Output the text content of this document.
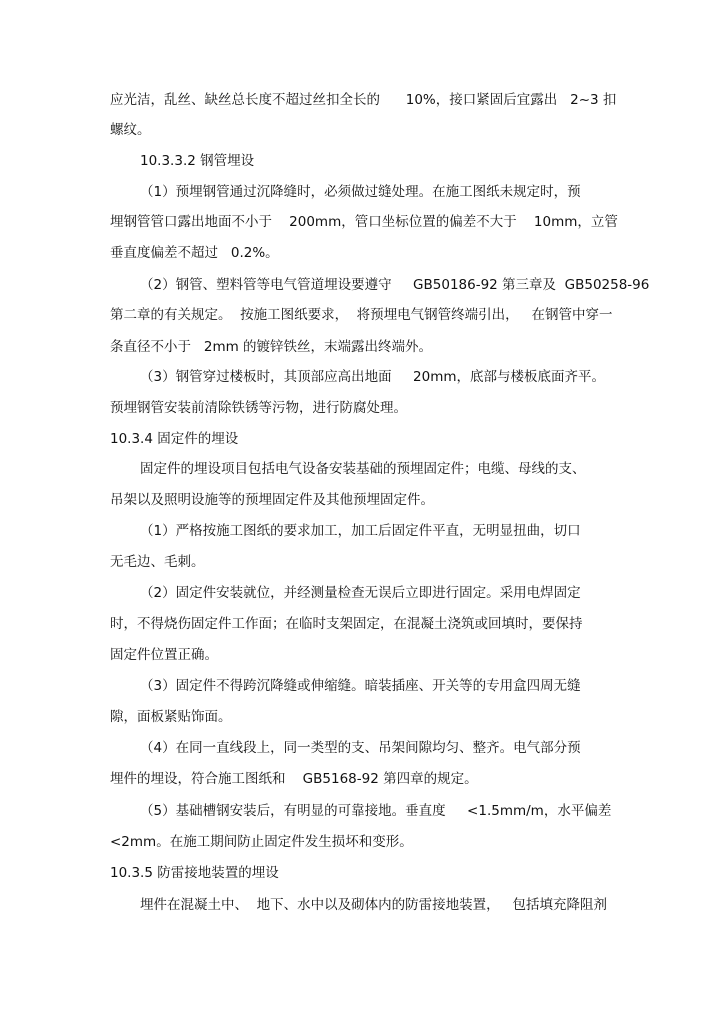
应光洁，乱丝、缺丝总长度不超过丝扣全长的      10%，接口紧固后宜露出   2~3 扣
螺纹。
10.3.3.2 钢管埋设
（1）预埋钢管通过沉降缝时，必须做过缝处理。在施工图纸未规定时，预
埋钢管管口露出地面不小于    200mm，管口坐标位置的偏差不大于    10mm，立管
垂直度偏差不超过   0.2%。
（2）钢管、塑料管等电气管道埋设要遵守     GB50186-92 第三章及  GB50258-96
第二章的有关规定。  按施工图纸要求，  将预埋电气钢管终端引出，   在钢管中穿一
条直径不小于   2mm 的镀锌铁丝，末端露出终端外。
（3）钢管穿过楼板时，其顶部应高出地面     20mm，底部与楼板底面齐平。
预埋钢管安装前清除铁锈等污物，进行防腐处理。
10.3.4 固定件的埋设
固定件的埋设项目包括电气设备安装基础的预埋固定件；电缆、母线的支、
吊架以及照明设施等的预埋固定件及其他预埋固定件。
（1）严格按施工图纸的要求加工，加工后固定件平直，无明显扭曲，切口
无毛边、毛刺。
（2）固定件安装就位，并经测量检查无误后立即进行固定。采用电焊固定
时，不得烧伤固定件工作面；在临时支架固定，在混凝土浇筑或回填时，要保持
固定件位置正确。
（3）固定件不得跨沉降缝或伸缩缝。暗装插座、开关等的专用盒四周无缝
隙，面板紧贴饰面。
（4）在同一直线段上，同一类型的支、吊架间隙均匀、整齐。电气部分预
埋件的埋设，符合施工图纸和    GB5168-92 第四章的规定。
（5）基础槽钢安装后，有明显的可靠接地。垂直度     <1.5mm/m，水平偏差
<2mm。在施工期间防止固定件发生损坏和变形。
10.3.5 防雷接地装置的埋设
埋件在混凝土中、  地下、水中以及砌体内的防雷接地装置，   包括填充降阻剂
